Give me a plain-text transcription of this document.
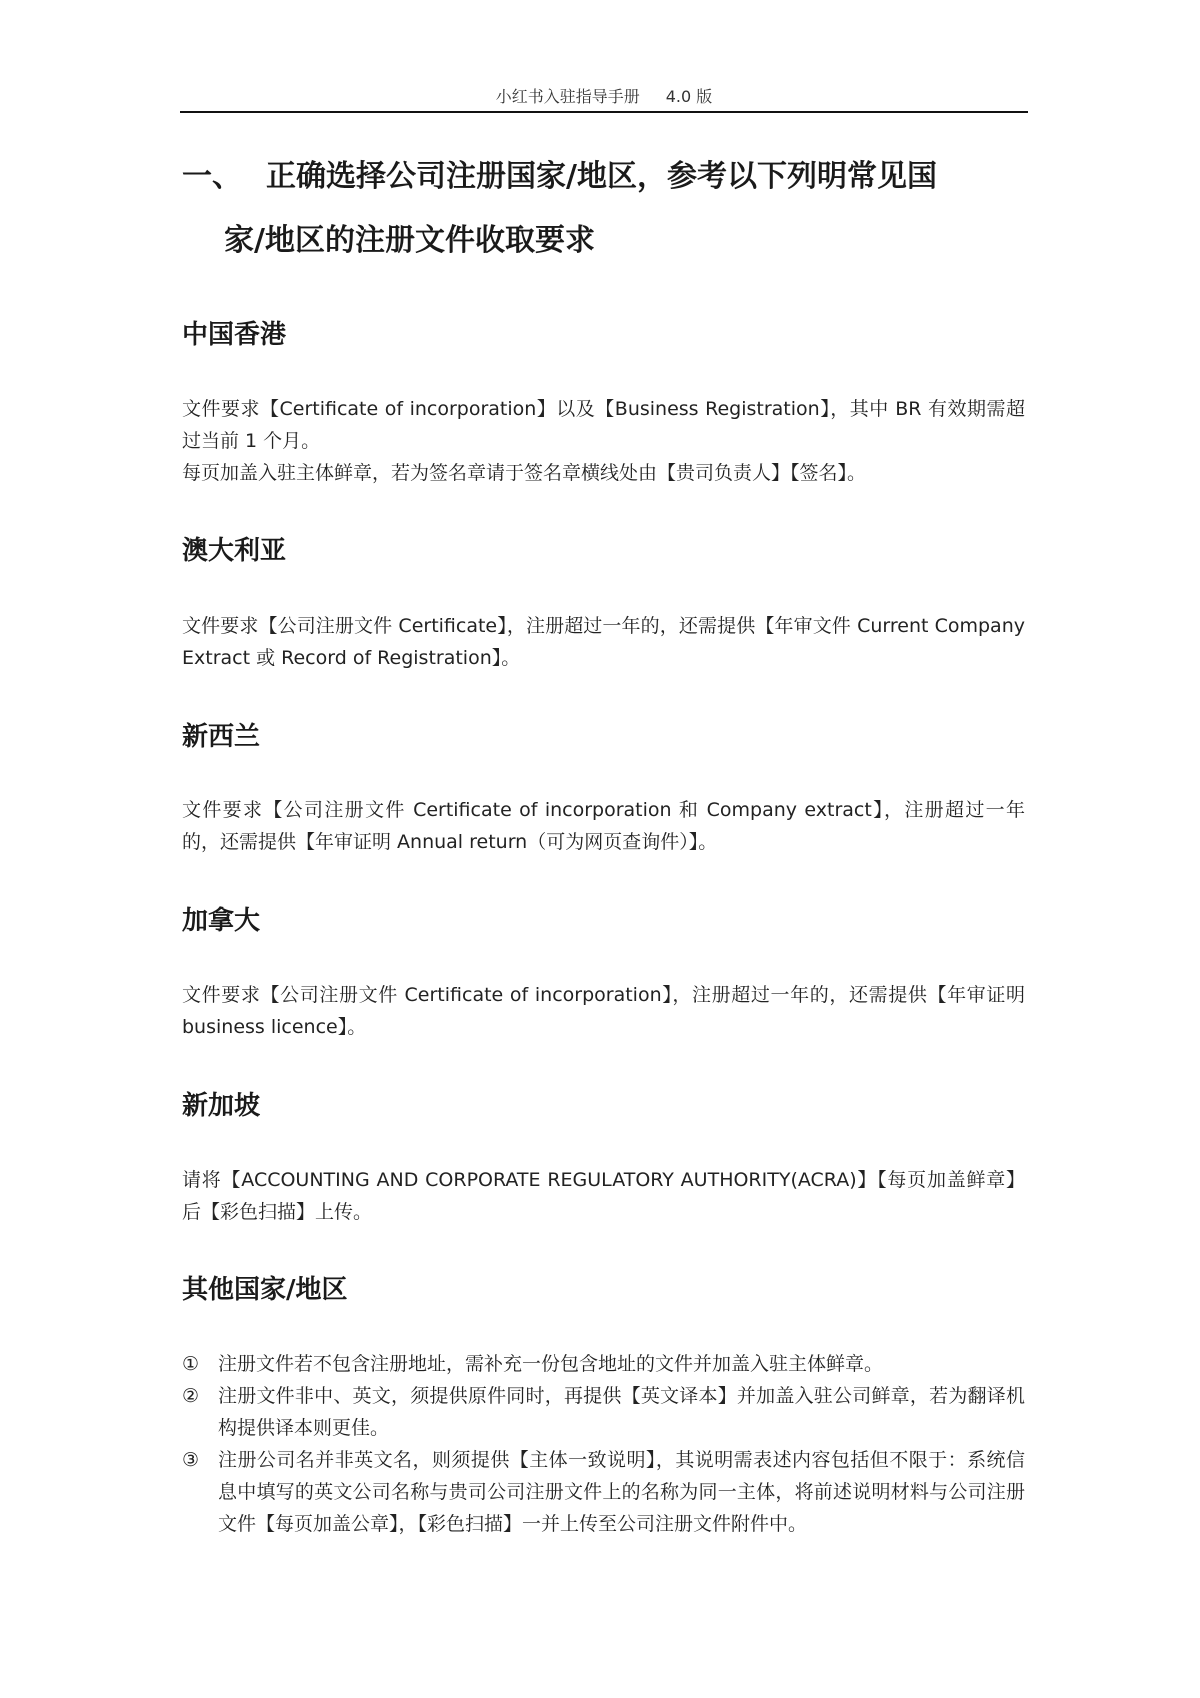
小红书入驻指导手册 4.0 版
一、 正确选择公司注册国家/地区，参考以下列明常见国
家/地区的注册文件收取要求
中国香港
文件要求【Certificate of incorporation】以及【Business Registration】，其中 BR 有效期需超过当前 1 个月。
每页加盖入驻主体鲜章，若为签名章请于签名章横线处由【贵司负责人】【签名】。
澳大利亚
文件要求【公司注册文件 Certificate】，注册超过一年的，还需提供【年审文件 Current Company Extract 或 Record of Registration】。
新西兰
文件要求【公司注册文件 Certificate of incorporation 和 Company extract】，注册超过一年的，还需提供【年审证明 Annual return（可为网页查询件）】。
加拿大
文件要求【公司注册文件 Certificate of incorporation】，注册超过一年的，还需提供【年审证明 business licence】。
新加坡
请将【ACCOUNTING AND CORPORATE REGULATORY AUTHORITY(ACRA)】【每页加盖鲜章】后【彩色扫描】上传。
其他国家/地区
① 注册文件若不包含注册地址，需补充一份包含地址的文件并加盖入驻主体鲜章。
② 注册文件非中、英文，须提供原件同时，再提供【英文译本】并加盖入驻公司鲜章，若为翻译机构提供译本则更佳。
③ 注册公司名并非英文名，则须提供【主体一致说明】，其说明需表述内容包括但不限于：系统信息中填写的英文公司名称与贵司公司注册文件上的名称为同一主体，将前述说明材料与公司注册文件【每页加盖公章】，【彩色扫描】一并上传至公司注册文件附件中。
